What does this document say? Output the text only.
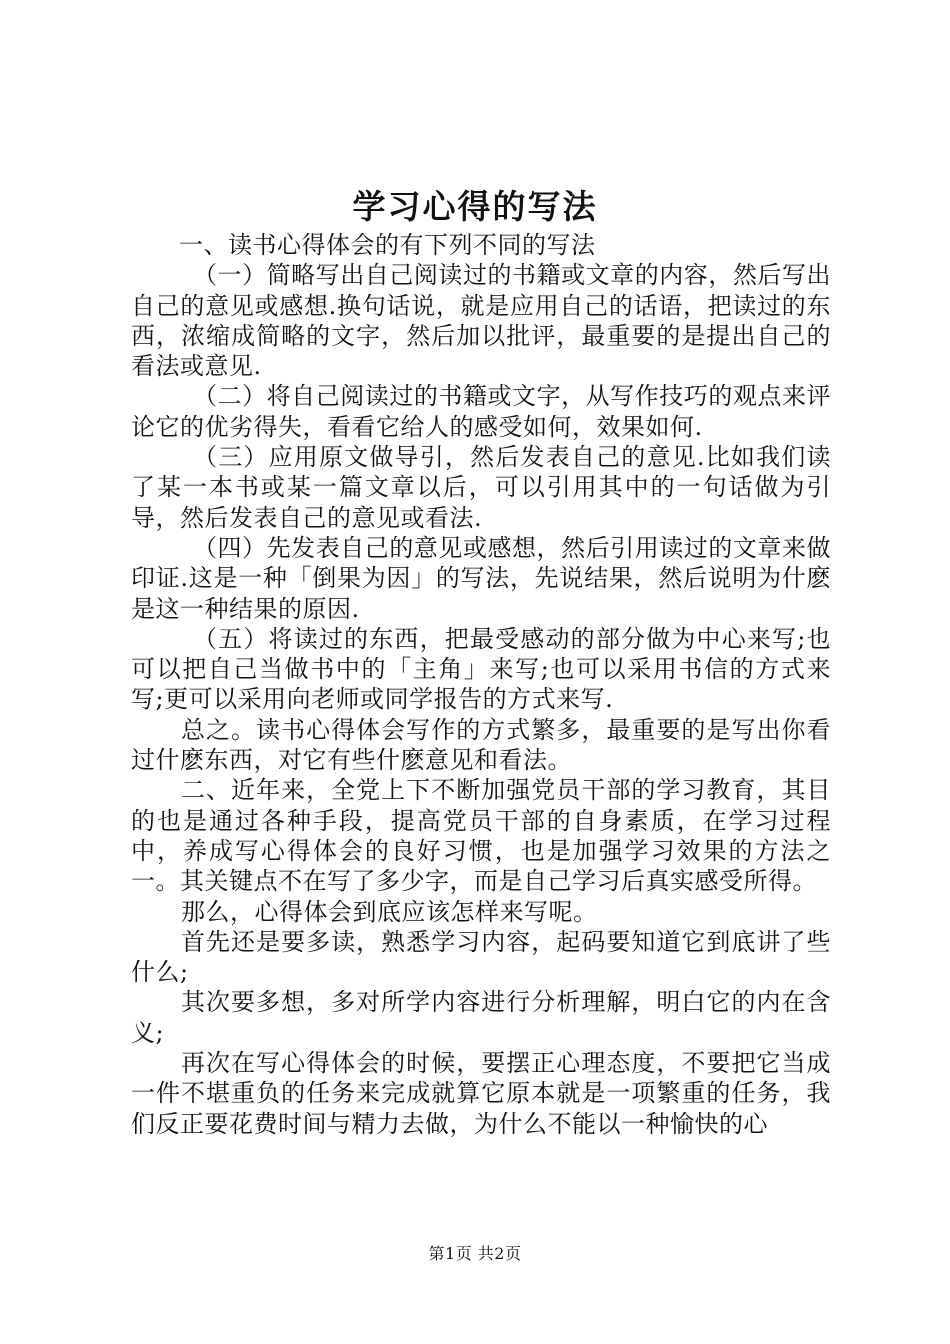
学习心得的写法

一、读书心得体会的有下列不同的写法

（一）简略写出自己阅读过的书籍或文章的内容，然后写出自己的意见或感想.换句话说，就是应用自己的话语，把读过的东西，浓缩成简略的文字，然后加以批评，最重要的是提出自己的看法或意见.

（二）将自己阅读过的书籍或文字，从写作技巧的观点来评论它的优劣得失，看看它给人的感受如何，效果如何.

（三）应用原文做导引，然后发表自己的意见.比如我们读了某一本书或某一篇文章以后，可以引用其中的一句话做为引导，然后发表自己的意见或看法.

（四）先发表自己的意见或感想，然后引用读过的文章来做印证.这是一种「倒果为因」的写法，先说结果，然后说明为什麽是这一种结果的原因.

（五）将读过的东西，把最受感动的部分做为中心来写;也可以把自己当做书中的「主角」来写;也可以采用书信的方式来写;更可以采用向老师或同学报告的方式来写.

总之。读书心得体会写作的方式繁多，最重要的是写出你看过什麽东西，对它有些什麽意见和看法。

二、近年来，全党上下不断加强党员干部的学习教育，其目的也是通过各种手段，提高党员干部的自身素质，在学习过程中，养成写心得体会的良好习惯，也是加强学习效果的方法之一。其关键点不在写了多少字，而是自己学习后真实感受所得。

那么，心得体会到底应该怎样来写呢。

首先还是要多读，熟悉学习内容，起码要知道它到底讲了些什么;

其次要多想，多对所学内容进行分析理解，明白它的内在含义;

再次在写心得体会的时候，要摆正心理态度，不要把它当成一件不堪重负的任务来完成就算它原本就是一项繁重的任务，我们反正要花费时间与精力去做，为什么不能以一种愉快的心

第1页 共2页
